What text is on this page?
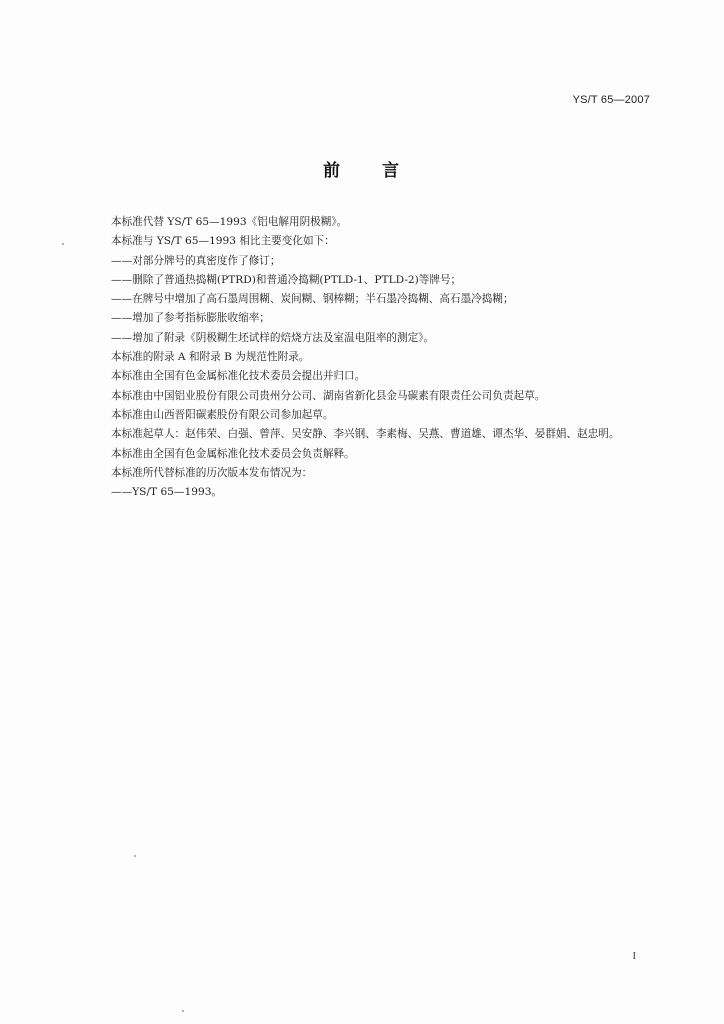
YS/T 65—2007
前 言
本标准代替 YS/T 65—1993《铝电解用阴极糊》。
本标准与 YS/T 65—1993 相比主要变化如下：
——对部分牌号的真密度作了修订；
——删除了普通热捣糊(PTRD)和普通冷捣糊(PTLD-1、PTLD-2)等牌号；
——在牌号中增加了高石墨周围糊、炭间糊、钢棒糊；半石墨冷捣糊、高石墨冷捣糊；
——增加了参考指标膨胀收缩率；
——增加了附录《阴极糊生坯试样的焙烧方法及室温电阻率的测定》。
本标准的附录 A 和附录 B 为规范性附录。
本标准由全国有色金属标准化技术委员会提出并归口。
本标准由中国铝业股份有限公司贵州分公司、湖南省新化县金马碳素有限责任公司负责起草。
本标准由山西晋阳碳素股份有限公司参加起草。
本标准起草人：赵伟荣、白强、曾萍、吴安静、李兴钢、李素梅、吴燕、曹道雄、谭杰华、晏群娟、赵忠明。
本标准由全国有色金属标准化技术委员会负责解释。
本标准所代替标准的历次版本发布情况为：
——YS/T 65—1993。
I
